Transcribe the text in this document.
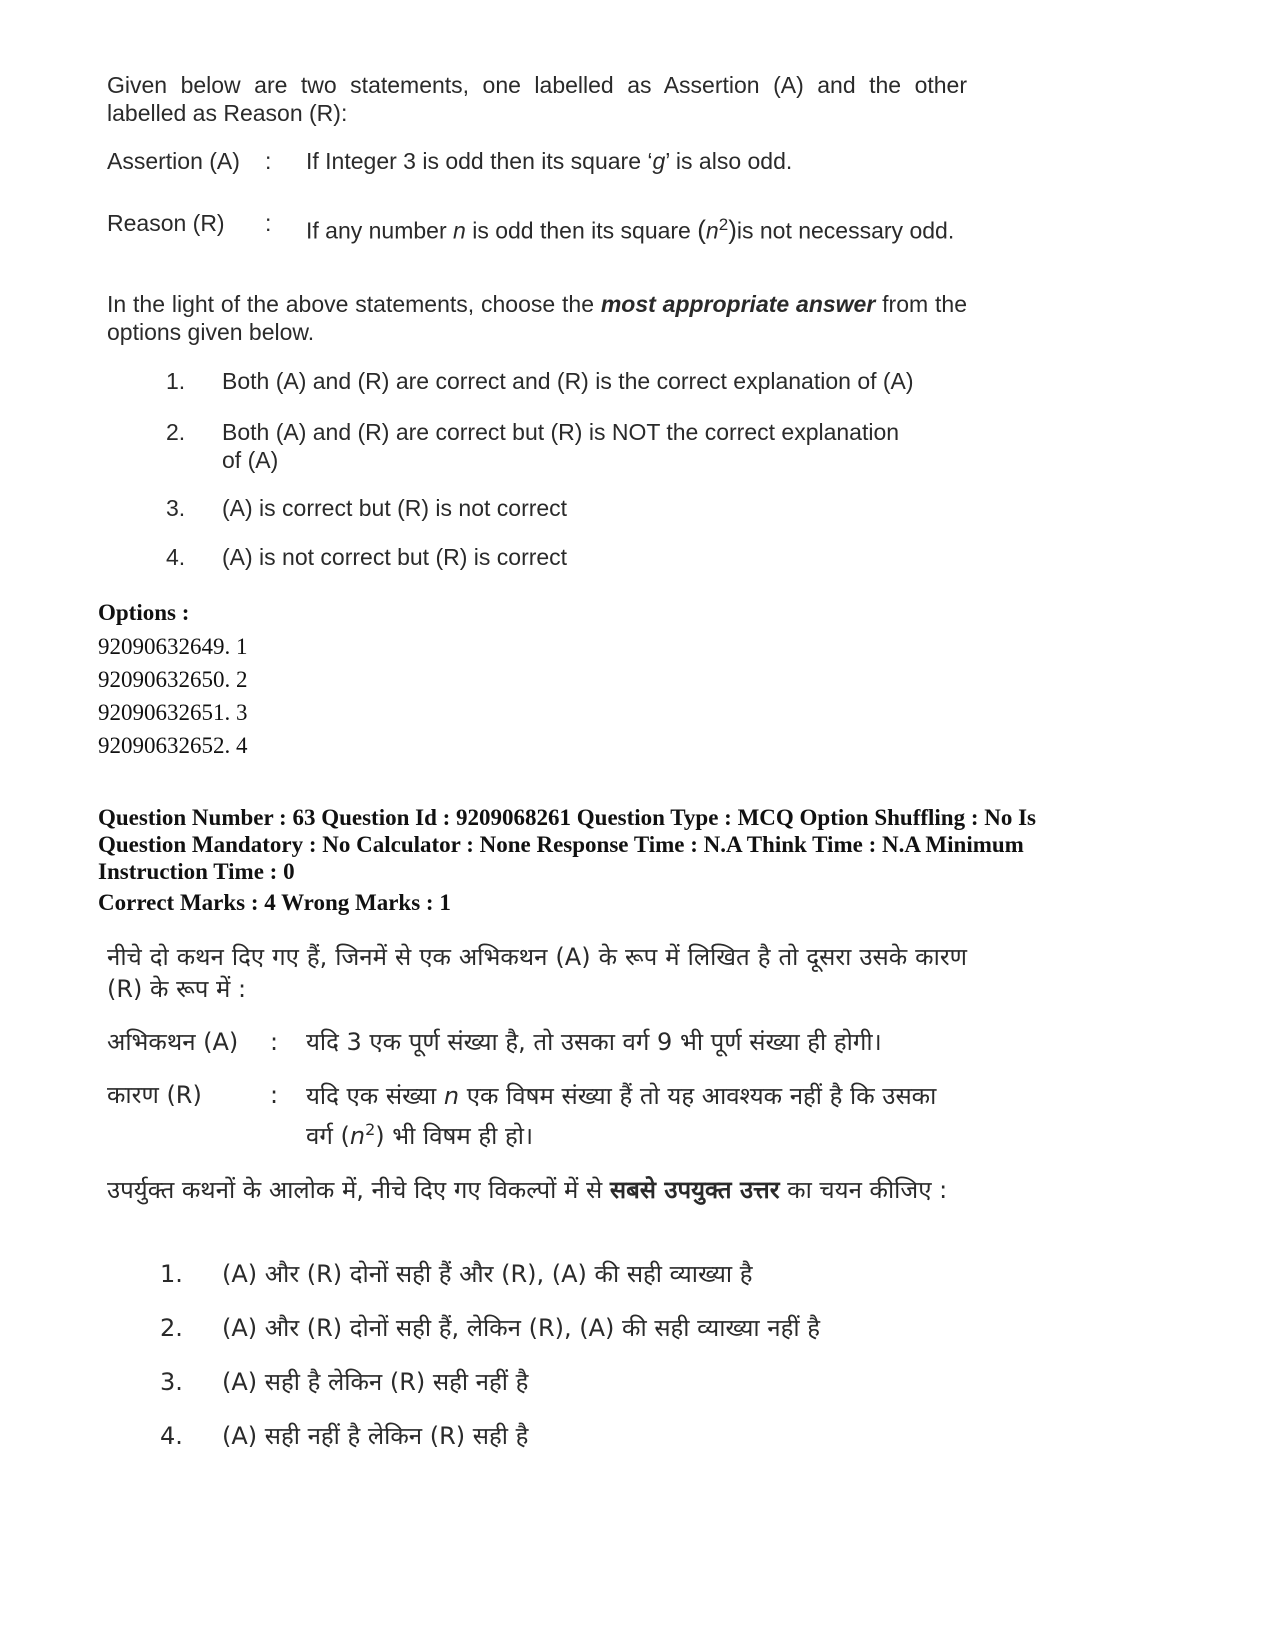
Given below are two statements, one labelled as Assertion (A) and the other labelled as Reason (R):
Assertion (A) : If Integer 3 is odd then its square ‘g’ is also odd.
Reason (R) : If any number n is odd then its square $(n^2)is$ not necessary odd.
In the light of the above statements, choose the most appropriate answer from the options given below.
1. Both (A) and (R) are correct and (R) is the correct explanation of (A)
2. Both (A) and (R) are correct but (R) is NOT the correct explanation of (A)
3. (A) is correct but (R) is not correct
4. (A) is not correct but (R) is correct
Options :
92090632649. 1
92090632650. 2
92090632651. 3
92090632652. 4
Question Number : 63 Question Id : 9209068261 Question Type : MCQ Option Shuffling : No Is Question Mandatory : No Calculator : None Response Time : N.A Think Time : N.A Minimum Instruction Time : 0
Correct Marks : 4 Wrong Marks : 1
नीचे दो कथन दिए गए हैं, जिनमें से एक अभिकथन (A) के रूप में लिखित है तो दूसरा उसके कारण (R) के रूप में :
अभिकथन (A) : यदि 3 एक पूर्ण संख्या है, तो उसका वर्ग 9 भी पूर्ण संख्या ही होगी।
कारण (R)	: यदि एक संख्या n एक विषम संख्या हैं तो यह आवश्यक नहीं है कि उसका वर्ग $(n^2)$ भी विषम ही हो।
उपर्युक्त कथनों के आलोक में, नीचे दिए गए विकल्पों में से सबसे उपयुक्त उत्तर का चयन कीजिए :
1. (A) और (R) दोनों सही हैं और (R), (A) की सही व्याख्या है
2. (A) और (R) दोनों सही हैं, लेकिन (R), (A) की सही व्याख्या नहीं है
3. (A) सही है लेकिन (R) सही नहीं है
4. (A) सही नहीं है लेकिन (R) सही है
